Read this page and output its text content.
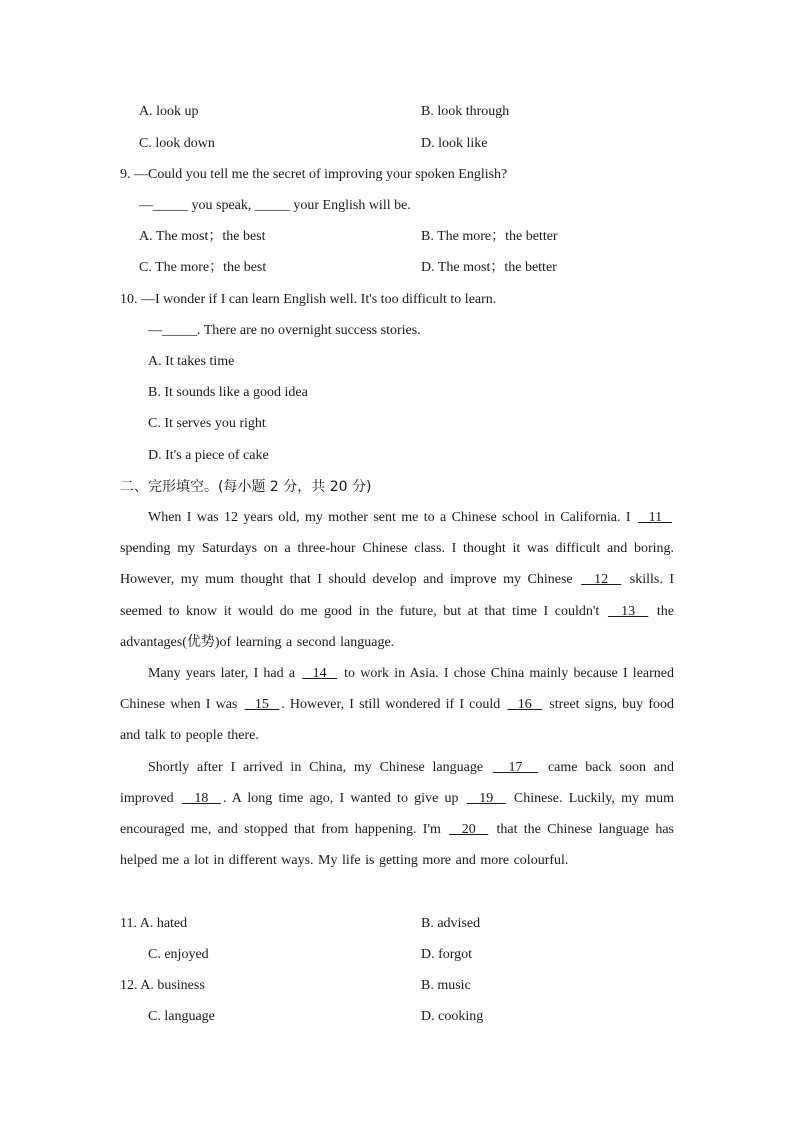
A. look up	B. look through
C. look down	D. look like
9. —Could you tell me the secret of improving your spoken English?
—_____ you speak, _____ your English will be.
A. The most；the best	B. The more；the better
C. The more；the best	D. The most；the better
10. —I wonder if I can learn English well. It's too difficult to learn.
—_____. There are no overnight success stories.
A. It takes time
B. It sounds like a good idea
C. It serves you right
D. It's a piece of cake
二、完形填空。(每小题 2 分，共 20 分)

When I was 12 years old, my mother sent me to a Chinese school in California. I   11   spending my Saturdays on a three-hour Chinese class. I thought it was difficult and boring. However, my mum thought that I should develop and improve my Chinese   12   skills. I seemed to know it would do me good in the future, but at that time I couldn't   13   the advantages(优势)of learning a second language.

Many years later, I had a   14   to work in Asia. I chose China mainly because I learned Chinese when I was   15  . However, I still wondered if I could   16   street signs, buy food and talk to people there.

Shortly after I arrived in China, my Chinese language   17   came back soon and improved   18  . A long time ago, I wanted to give up   19   Chinese. Luckily, my mum encouraged me, and stopped that from happening. I'm   20   that the Chinese language has helped me a lot in different ways. My life is getting more and more colourful.

11. A. hated	B. advised
C. enjoyed	D. forgot
12. A. business	B. music
C. language	D. cooking
